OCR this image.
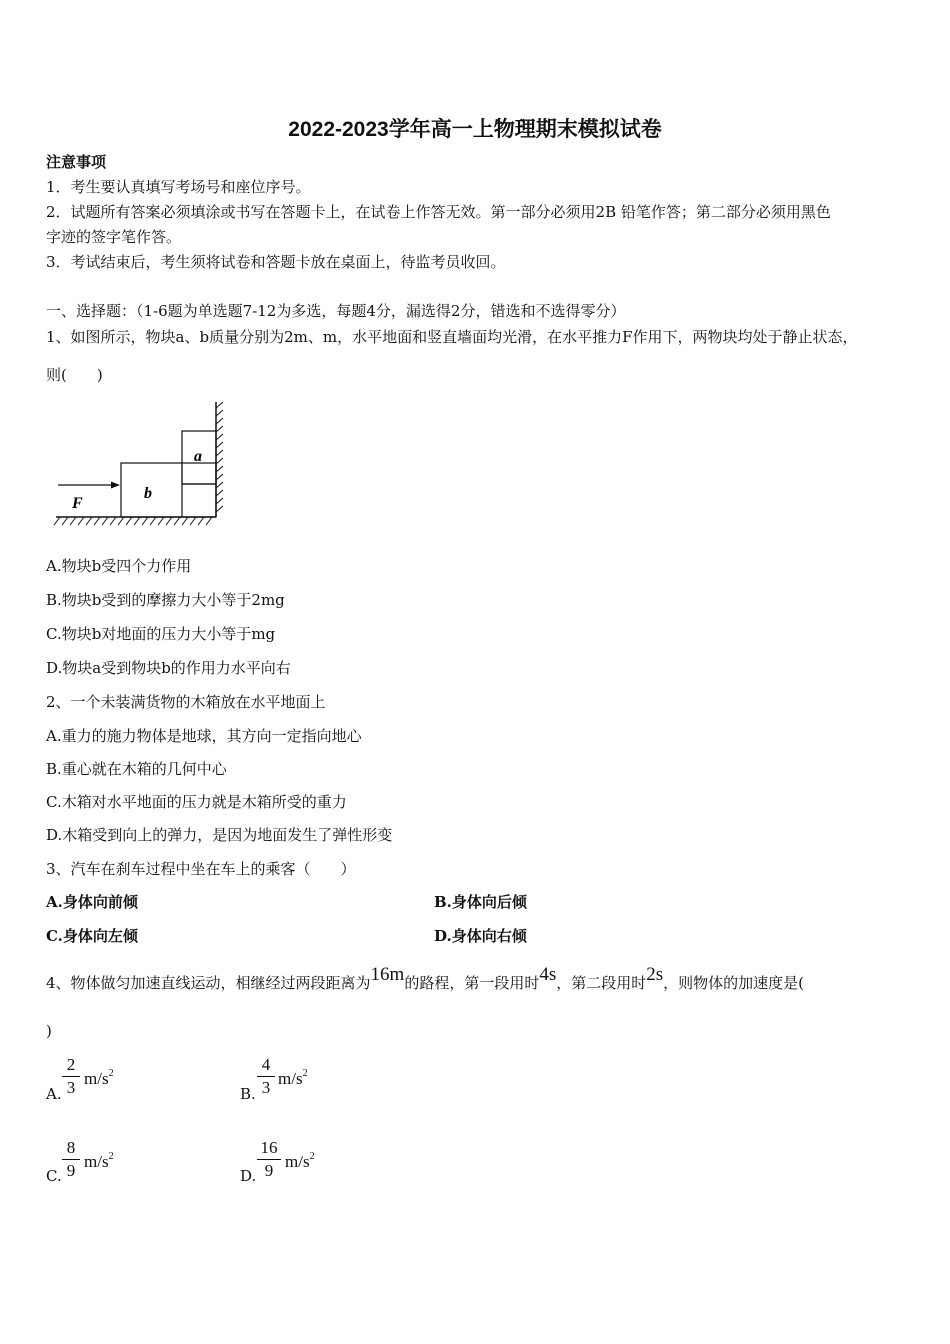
2022-2023学年高一上物理期末模拟试卷
注意事项
1．考生要认真填写考场号和座位序号。
2．试题所有答案必须填涂或书写在答题卡上，在试卷上作答无效。第一部分必须用2B 铅笔作答；第二部分必须用黑色
字迹的签字笔作答。
3．考试结束后，考生须将试卷和答题卡放在桌面上，待监考员收回。
一、选择题：（1-6题为单选题7-12为多选，每题4分，漏选得2分，错选和不选得零分）
1、如图所示，物块a、b质量分别为2m、m，水平地面和竖直墙面均光滑，在水平推力F作用下，两物块均处于静止状态，
则(　　)
F
b
a
A.物块b受四个力作用
B.物块b受到的摩擦力大小等于2mg
C.物块b对地面的压力大小等于mg
D.物块a受到物块b的作用力水平向右
2、一个未装满货物的木箱放在水平地面上
A.重力的施力物体是地球，其方向一定指向地心
B.重心就在木箱的几何中心
C.木箱对水平地面的压力就是木箱所受的重力
D.木箱受到向上的弹力，是因为地面发生了弹性形变
3、汽车在刹车过程中坐在车上的乘客（　　）
A.身体向前倾	B.身体向后倾
C.身体向左倾	D.身体向右倾
4、物体做匀加速直线运动，相继经过两段距离为16m的路程，第一段用时4s，第二段用时2s，则物体的加速度是(
)
A.
2
3 $m/s^2$
B.
4
3 $m/s^2$
C.
8
9 $m/s^2$
D.
16
9 $m/s^2$
